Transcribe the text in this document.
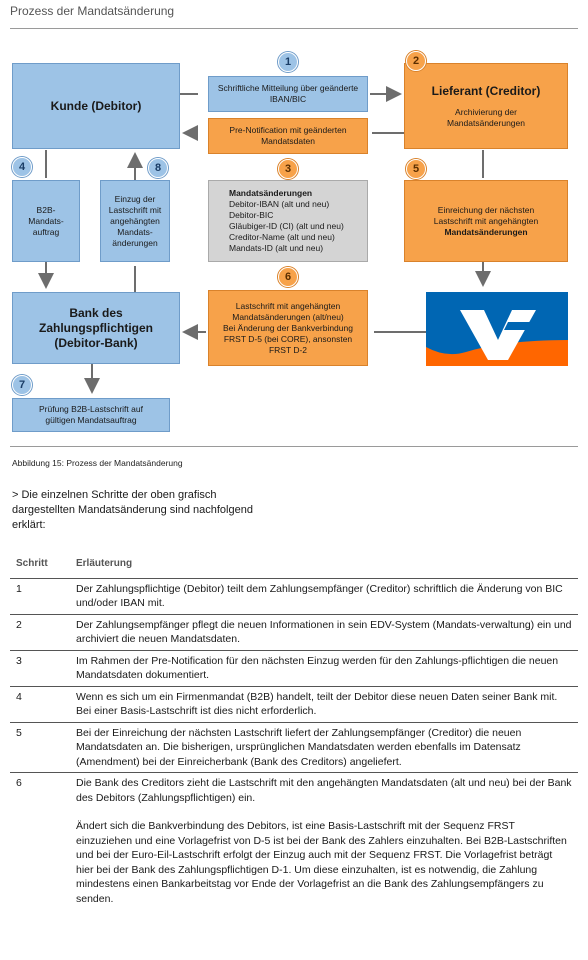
Prozess der Mandatsänderung
Kunde (Debitor)
Lieferant (Creditor)
Archivierung der Mandatsänderungen
1
Schriftliche Mitteilung über geänderte IBAN/BIC
2
Pre-Notification mit geänderten Mandatsdaten
3
Mandatsänderungen
Debitor-IBAN (alt und neu)
Debitor-BIC
Gläubiger-ID (CI) (alt und neu)
Creditor-Name (alt und neu)
Mandats-ID (alt und neu)
4
B2B-Mandats-auftrag
8
Einzug der Lastschrift mit angehängten Mandats-änderungen
5
Einreichung der nächsten Lastschrift mit angehängten
Mandatsänderungen
Bank des Zahlungspflichtigen (Debitor-Bank)
6
Lastschrift mit angehängten Mandatsänderungen (alt/neu)
Bei Änderung der Bankverbindung FRST D-5 (bei CORE), ansonsten FRST D-2
7
Prüfung B2B-Lastschrift auf gültigen Mandatsauftrag
Abbildung 15: Prozess der Mandatsänderung
> Die einzelnen Schritte der oben grafisch dargestellten Mandatsänderung sind nachfolgend erklärt:
Schritt	Erläuterung
1	Der Zahlungspflichtige (Debitor) teilt dem Zahlungsempfänger (Creditor) schriftlich die Änderung von BIC und/oder IBAN mit.
2	Der Zahlungsempfänger pflegt die neuen Informationen in sein EDV-System (Mandats-verwaltung) ein und archiviert die neuen Mandatsdaten.
3	Im Rahmen der Pre-Notification für den nächsten Einzug werden für den Zahlungs-pflichtigen die neuen Mandatsdaten dokumentiert.
4	Wenn es sich um ein Firmenmandat (B2B) handelt, teilt der Debitor diese neuen Daten seiner Bank mit. Bei einer Basis-Lastschrift ist dies nicht erforderlich.
5	Bei der Einreichung der nächsten Lastschrift liefert der Zahlungsempfänger (Creditor) die neuen Mandatsdaten an. Die bisherigen, ursprünglichen Mandatsdaten werden ebenfalls im Datensatz (Amendment) bei der Einreicherbank (Bank des Creditors) angeliefert.
6	Die Bank des Creditors zieht die Lastschrift mit den angehängten Mandatsdaten (alt und neu) bei der Bank des Debitors (Zahlungspflichtigen) ein.
Ändert sich die Bankverbindung des Debitors, ist eine Basis-Lastschrift mit der Sequenz FRST einzuziehen und eine Vorlagefrist von D-5 ist bei der Bank des Zahlers einzuhalten. Bei B2B-Lastschriften und bei der Euro-Eil-Lastschrift erfolgt der Einzug auch mit der Sequenz FRST. Die Vorlagefrist beträgt hier bei der Bank des Zahlungspflichtigen D-1. Um diese einzuhalten, ist es notwendig, die Zahlung mindestens einen Bankarbeitstag vor Ende der Vorlagefrist an die Bank des Zahlungsempfängers zu senden.
